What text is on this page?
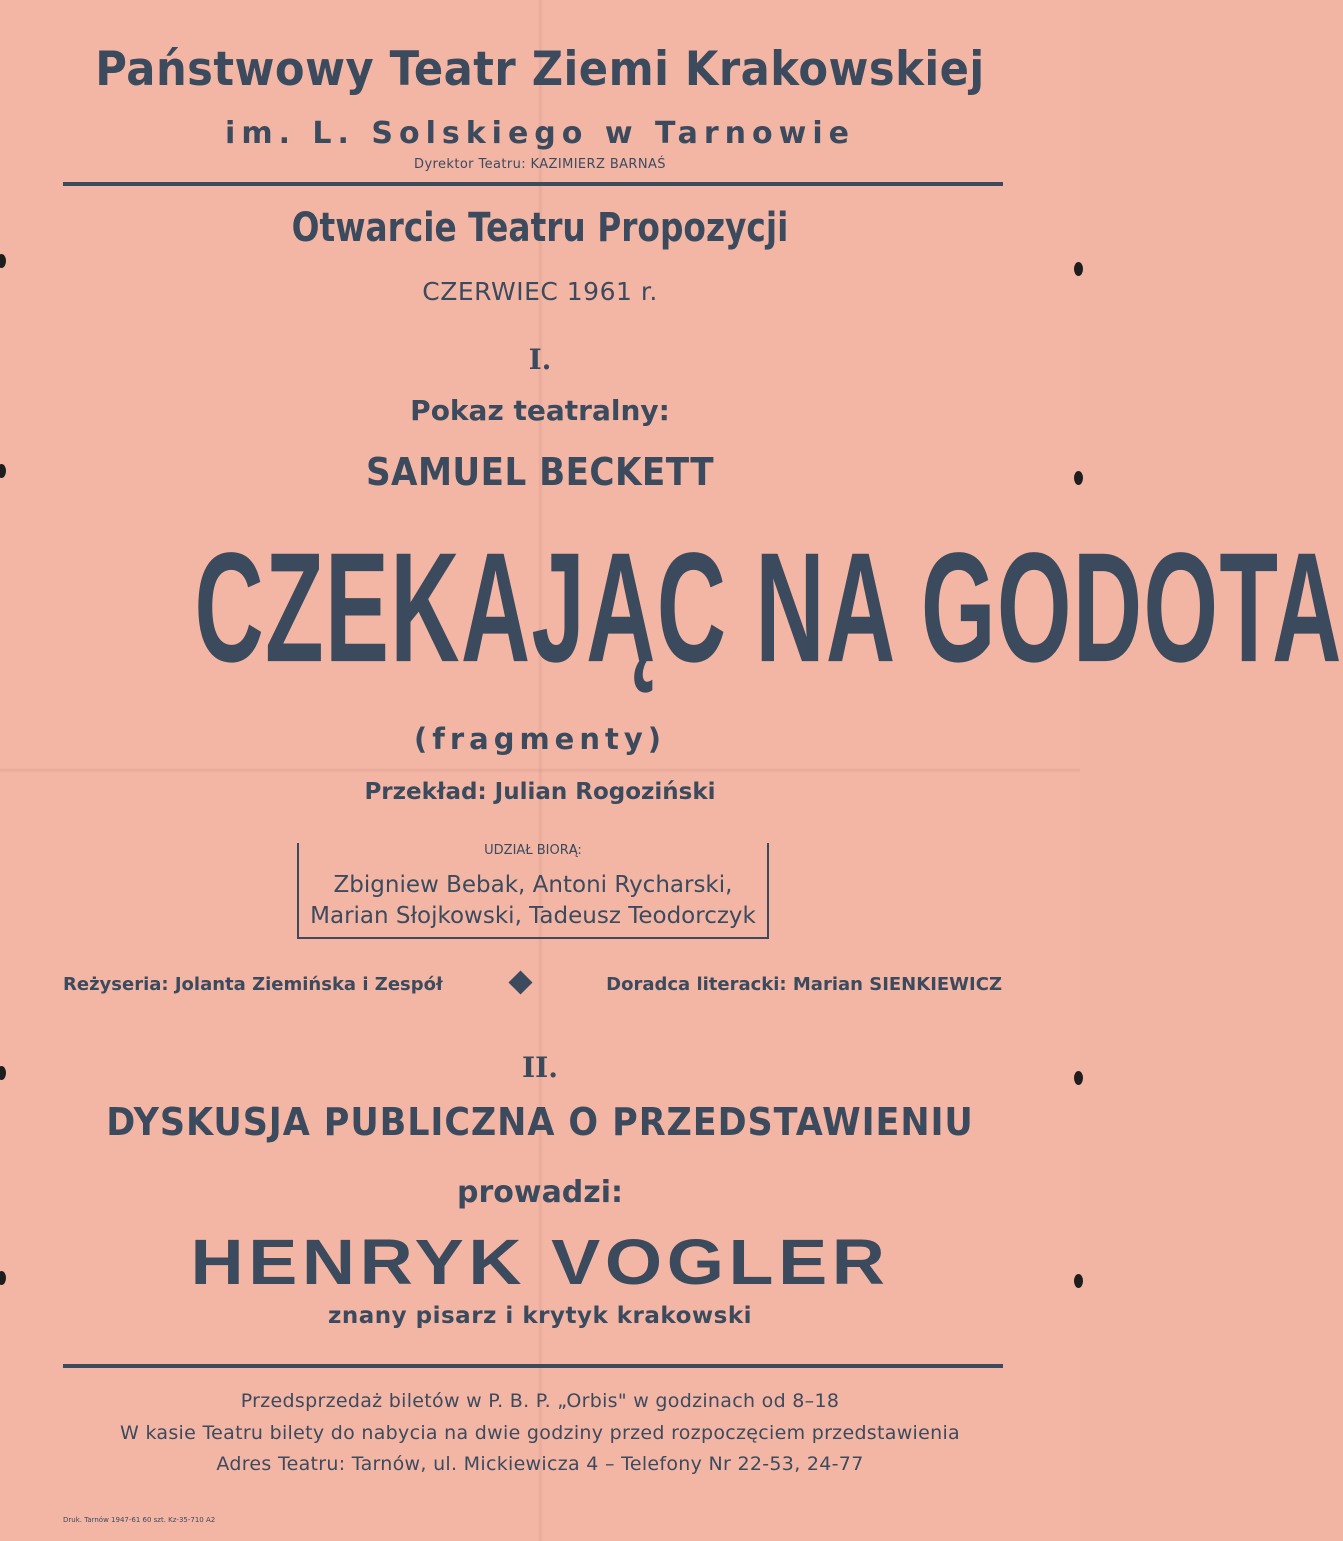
Państwowy Teatr Ziemi Krakowskiej
im. L. Solskiego w Tarnowie
Dyrektor Teatru: KAZIMIERZ BARNAŚ
Otwarcie Teatru Propozycji
CZERWIEC 1961 r.
I.
Pokaz teatralny:
SAMUEL BECKETT
CZEKAJĄC NA GODOTA
(fragmenty)
Przekład: Julian Rogoziński
UDZIAŁ BIORĄ:
Zbigniew Bebak, Antoni Rycharski,
Marian Słojkowski, Tadeusz Teodorczyk
Reżyseria: Jolanta Ziemińska i Zespół	Doradca literacki: Marian SIENKIEWICZ
II.
DYSKUSJA PUBLICZNA O PRZEDSTAWIENIU
prowadzi:
HENRYK VOGLER
znany pisarz i krytyk krakowski
Przedsprzedaż biletów w P. B. P. „Orbis" w godzinach od 8–18
W kasie Teatru bilety do nabycia na dwie godziny przed rozpoczęciem przedstawienia
Adres Teatru: Tarnów, ul. Mickiewicza 4 – Telefony Nr 22-53, 24-77
Druk. Tarnów 1947-61 60 szt. Kz-35-710 A2
